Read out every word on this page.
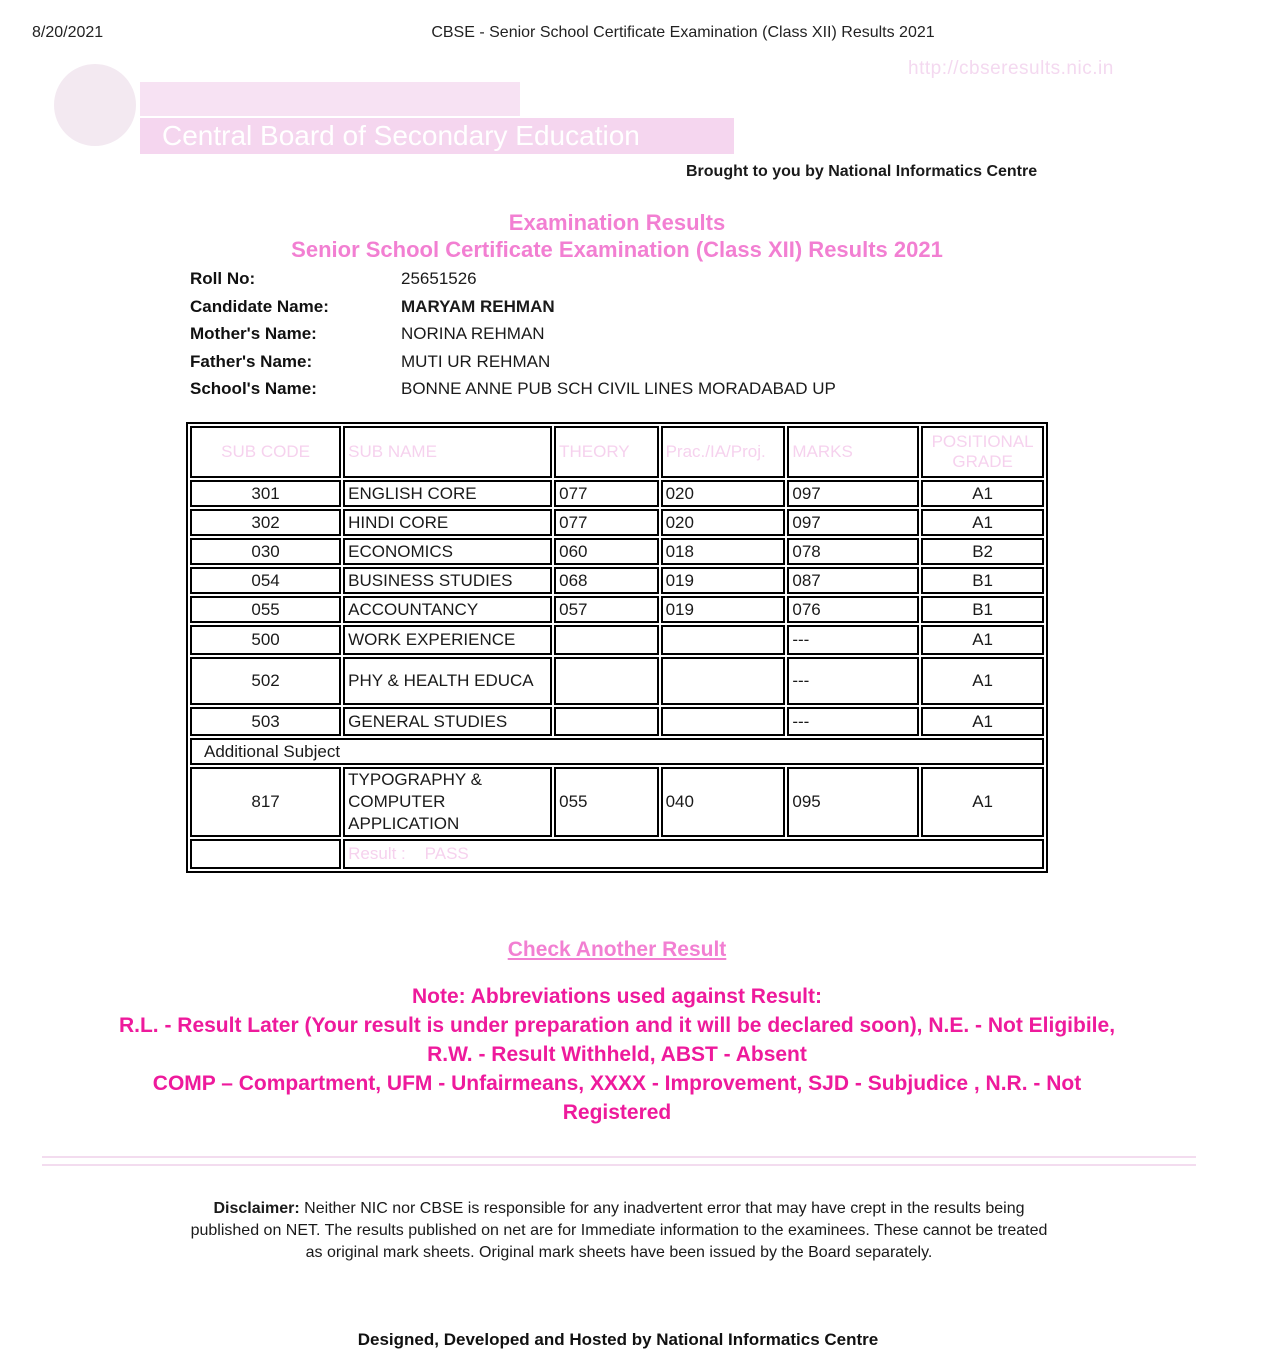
8/20/2021	CBSE - Senior School Certificate Examination (Class XII) Results 2021
http://cbseresults.nic.in
Central Board of Secondary Education
Brought to you by National Informatics Centre
Examination Results
Senior School Certificate Examination (Class XII) Results 2021
Roll No:	25651526
Candidate Name:	MARYAM REHMAN
Mother's Name:	NORINA REHMAN
Father's Name:	MUTI UR REHMAN
School's Name:	BONNE ANNE PUB SCH CIVIL LINES MORADABAD UP
SUB CODE	SUB NAME	THEORY	Prac./IA/Proj.	MARKS	POSITIONAL
GRADE
301	ENGLISH CORE	077	020	097	A1
302	HINDI CORE	077	020	097	A1
030	ECONOMICS	060	018	078	B2
054	BUSINESS STUDIES	068	019	087	B1
055	ACCOUNTANCY	057	019	076	B1
500	WORK EXPERIENCE			---	A1
502	PHY & HEALTH EDUCA			---	A1
503	GENERAL STUDIES			---	A1
Additional Subject					
817	TYPOGRAPHY & COMPUTER APPLICATION	055	040	095	A1
	Result :    PASS				
Check Another Result
Note: Abbreviations used against Result:
R.L. - Result Later (Your result is under preparation and it will be declared soon), N.E. - Not Eligibile,
R.W. - Result Withheld, ABST - Absent
COMP – Compartment, UFM - Unfairmeans, XXXX - Improvement, SJD - Subjudice , N.R. - Not
Registered
Disclaimer: Neither NIC nor CBSE is responsible for any inadvertent error that may have crept in the results being published on NET. The results published on net are for Immediate information to the examinees. These cannot be treated as original mark sheets. Original mark sheets have been issued by the Board separately.
Designed, Developed and Hosted by National Informatics Centre
